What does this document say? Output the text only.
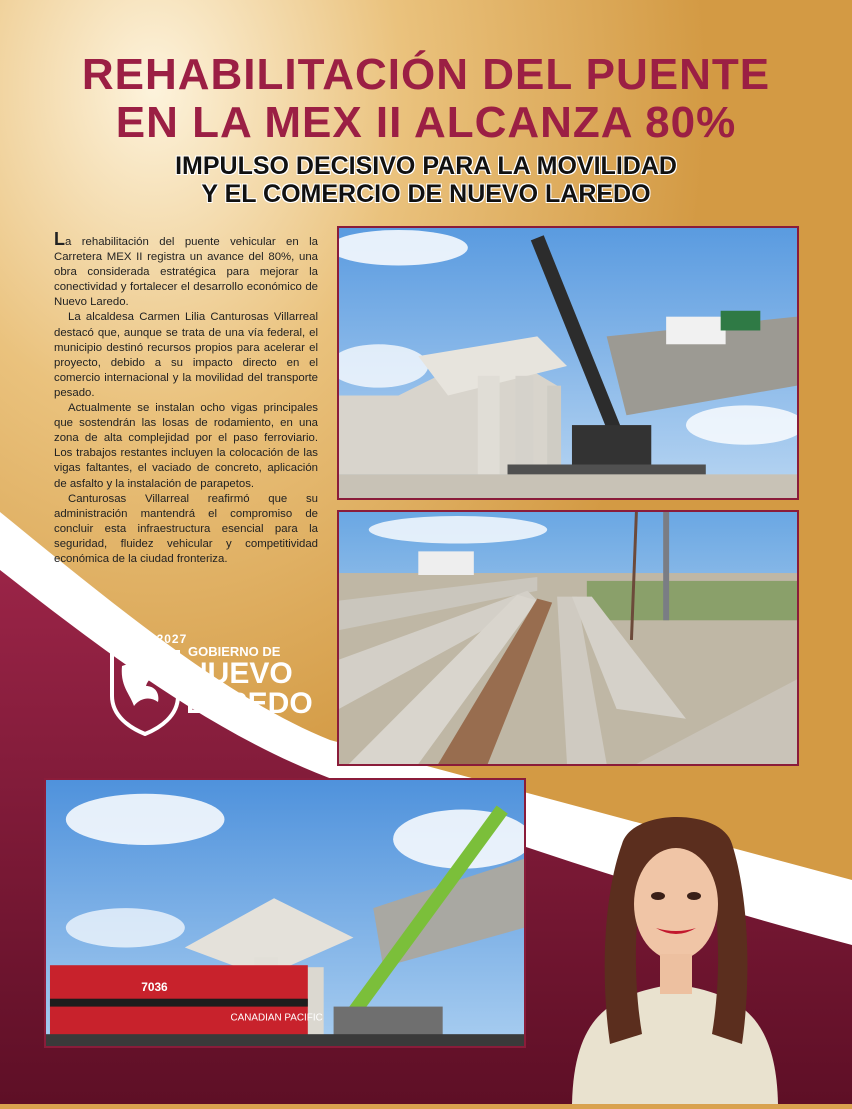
REHABILITACIÓN DEL PUENTE
EN LA MEX II ALCANZA 80%
IMPULSO DECISIVO PARA LA MOVILIDAD
Y EL COMERCIO DE NUEVO LAREDO

La rehabilitación del puente vehicular en la Carretera MEX II registra un avance del 80%, una obra considerada estratégica para mejorar la conectividad y fortalecer el desarrollo económico de Nuevo Laredo.

La alcaldesa Carmen Lilia Canturosas Villarreal destacó que, aunque se trata de una vía federal, el municipio destinó recursos propios para acelerar el proyecto, debido a su impacto directo en el comercio internacional y la movilidad del transporte pesado.

Actualmente se instalan ocho vigas principales que sostendrán las losas de rodamiento, en una zona de alta complejidad por el paso ferroviario. Los trabajos restantes incluyen la colocación de las vigas faltantes, el vaciado de concreto, aplicación de asfalto y la instalación de parapetos.

Canturosas Villarreal reafirmó que su administración mantendrá el compromiso de concluir esta infraestructura esencial para la seguridad, fluidez vehicular y competitividad económica de la ciudad fronteriza.

2024 • 2027
GOBIERNO DE
NUEVO
LAREDO
7036
CANADIAN PACIFIC
